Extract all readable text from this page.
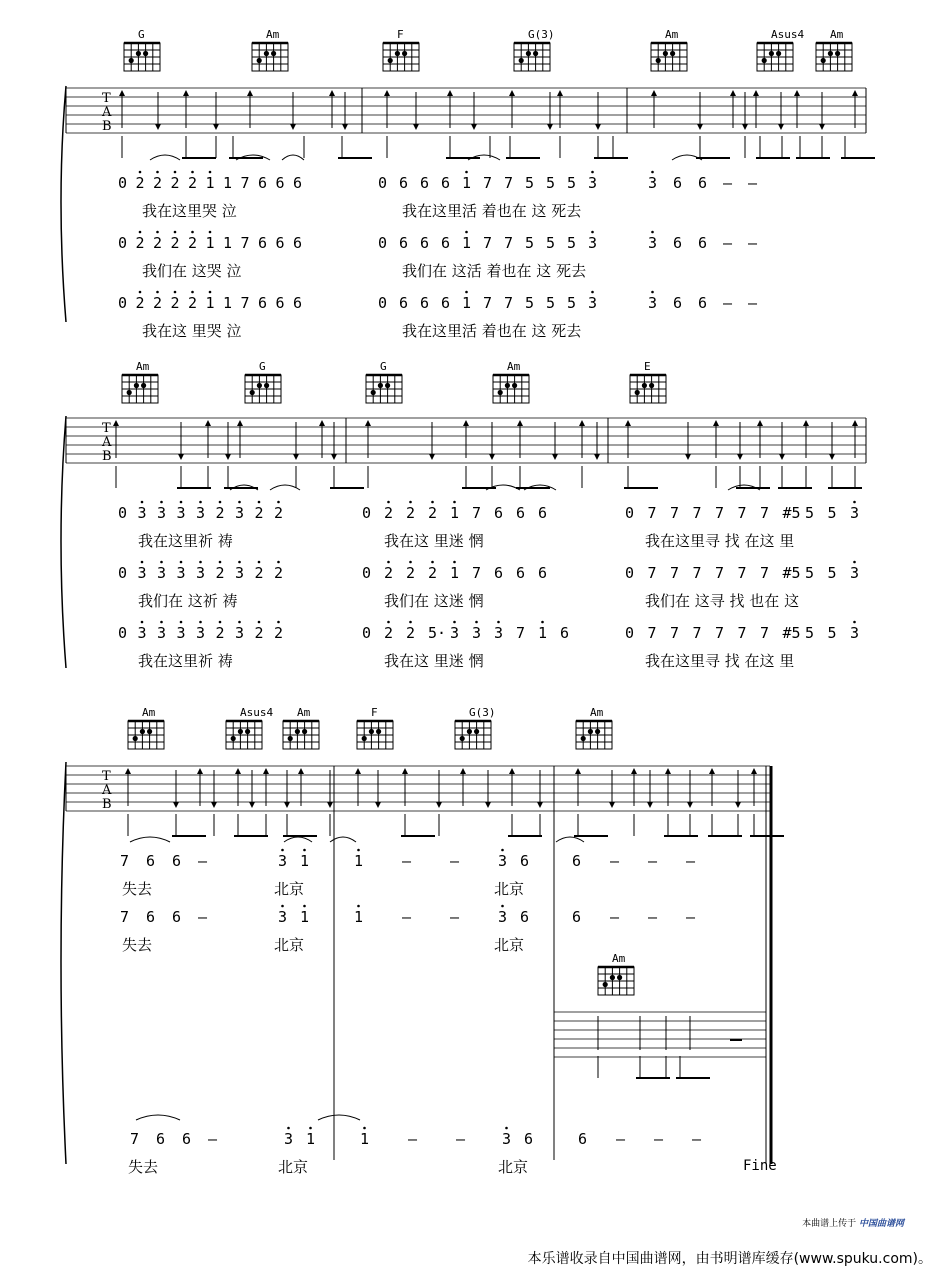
G	Am	F	G(3)	Am	Asus4 Am
T
A
B
0 2 2 2 2 1 1 7 6 6 6	0 6 6 6 1 7 7 5 5 5 3	3 6 6 – –
我在这里哭 泣	我在这里活 着也在 这 死去
0 2 2 2 2 1 1 7 6 6 6	0 6 6 6 1 7 7 5 5 5 3	3 6 6 – –
我们在 这哭 泣	我们在 这活 着也在 这 死去
0 2 2 2 2 1 1 7 6 6 6	0 6 6 6 1 7 7 5 5 5 3	3 6 6 – –
我在这 里哭 泣	我在这里活 着也在 这 死去
Am	G	G	Am	E
T
A
B
0 3 3 3 3 2 3 2 2	0 2 2 2 1 7 6 6 6	0 7 7 7 7 7 7 #5 5 5 3
我在这里祈 祷	我在这 里迷 惘	我在这里寻 找 在这 里
0 3 3 3 3 2 3 2 2	0 2 2 2 1 7 6 6 6	0 7 7 7 7 7 7 #5 5 5 3
我们在 这祈 祷	我们在 这迷 惘	我们在 这寻 找 也在 这
0 3 3 3 3 2 3 2 2	0 2 2 5· 3 3 3 7 1 6	0 7 7 7 7 7 7 #5 5 5 3
我在这里祈 祷	我在这 里迷 惘	我在这里寻 找 在这 里
Am	Asus4 Am	F	G(3)	Am
T
A
B
7 6 6 –	3 1	1	–	–	3 6	6 – – –
失去	北京	北京
7 6 6 –	3 1	1	–	–	3 6	6 – – –
失去	北京	北京
Am
7 6 6 –	3 1	1	–	– 3 6	6 – – –
失去	北京	北京	Fine
本曲谱上传于 中国曲谱网
本乐谱收录自中国曲谱网，由书明谱库缓存(www.spuku.com)。
